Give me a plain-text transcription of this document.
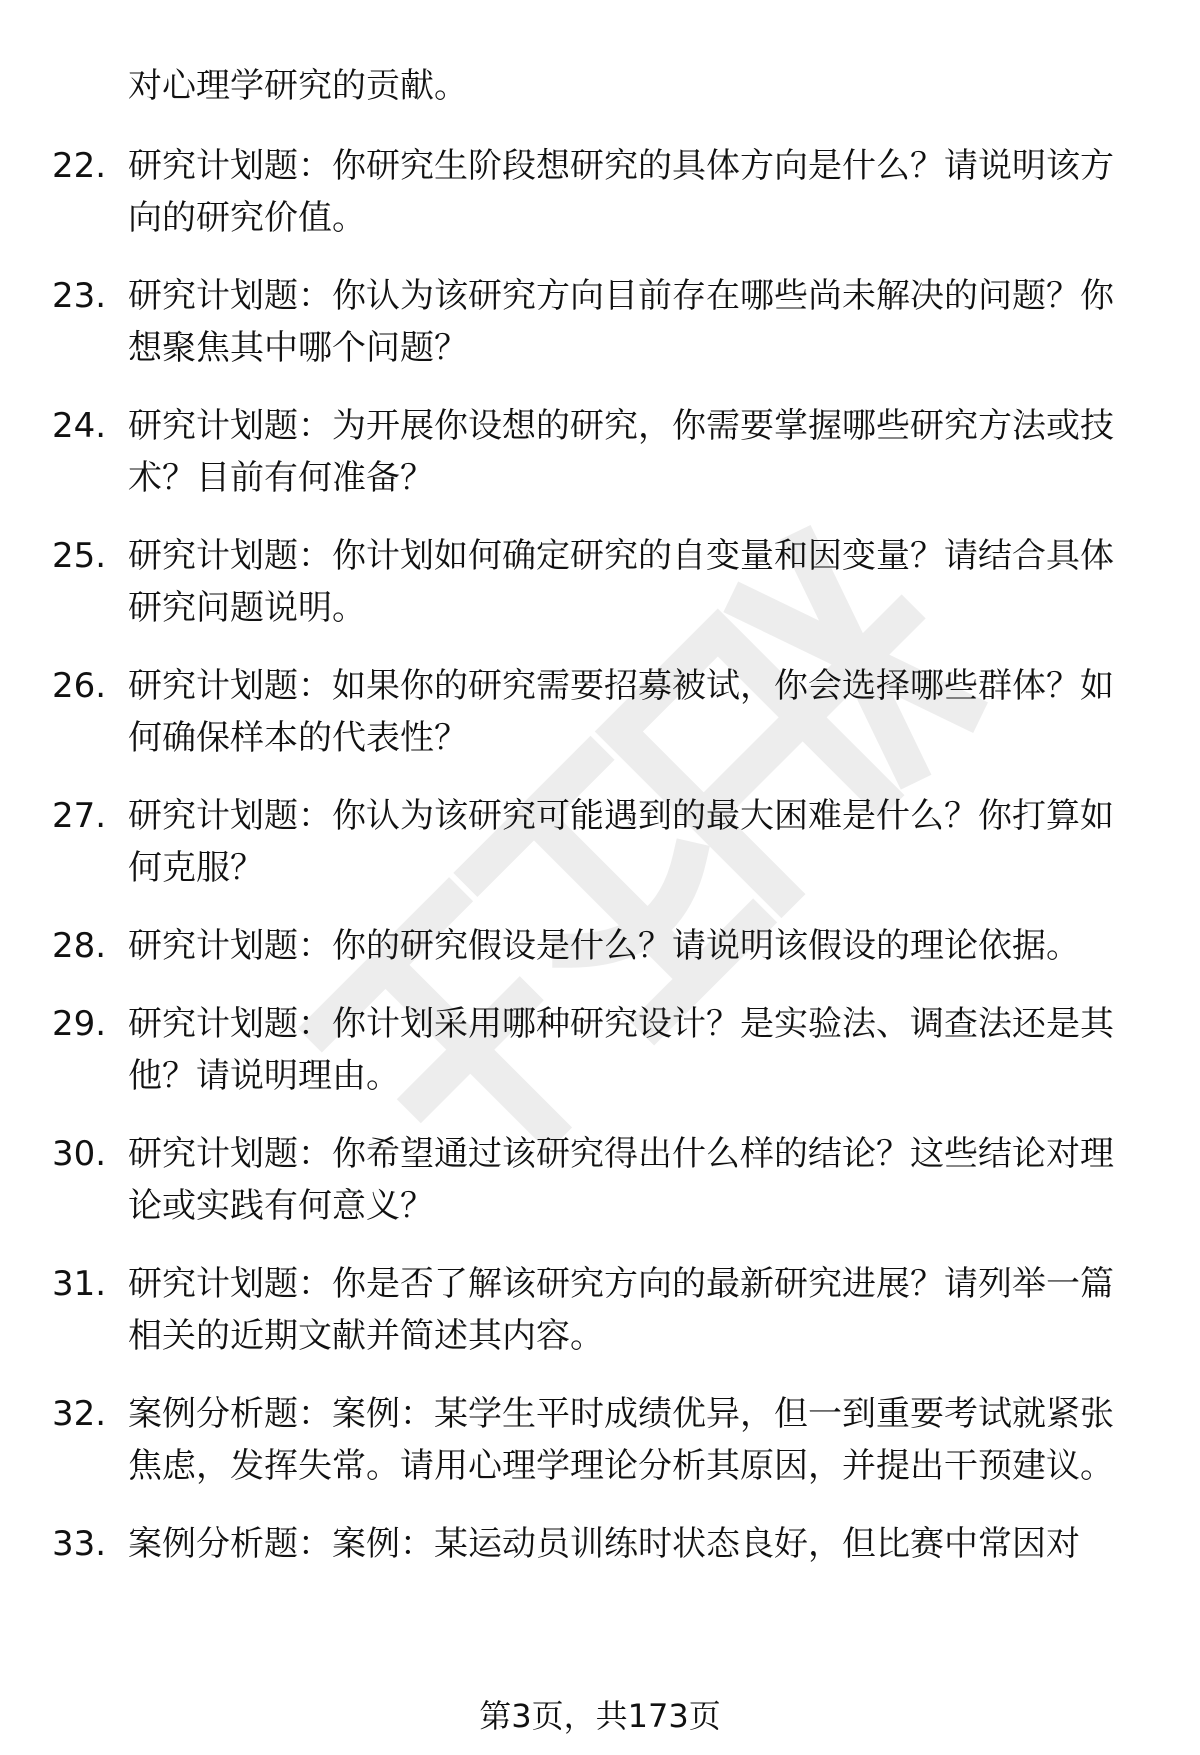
对心理学研究的贡献。

22. 研究计划题：你研究生阶段想研究的具体方向是什么？请说明该方向的研究价值。

23. 研究计划题：你认为该研究方向目前存在哪些尚未解决的问题？你想聚焦其中哪个问题？

24. 研究计划题：为开展你设想的研究，你需要掌握哪些研究方法或技术？目前有何准备？

25. 研究计划题：你计划如何确定研究的自变量和因变量？请结合具体研究问题说明。

26. 研究计划题：如果你的研究需要招募被试，你会选择哪些群体？如何确保样本的代表性？

27. 研究计划题：你认为该研究可能遇到的最大困难是什么？你打算如何克服？

28. 研究计划题：你的研究假设是什么？请说明该假设的理论依据。

29. 研究计划题：你计划采用哪种研究设计？是实验法、调查法还是其他？请说明理由。

30. 研究计划题：你希望通过该研究得出什么样的结论？这些结论对理论或实践有何意义？

31. 研究计划题：你是否了解该研究方向的最新研究进展？请列举一篇相关的近期文献并简述其内容。

32. 案例分析题：案例：某学生平时成绩优异，但一到重要考试就紧张焦虑，发挥失常。请用心理学理论分析其原因，并提出干预建议。

33. 案例分析题：案例：某运动员训练时状态良好，但比赛中常因对

第3页，共173页
